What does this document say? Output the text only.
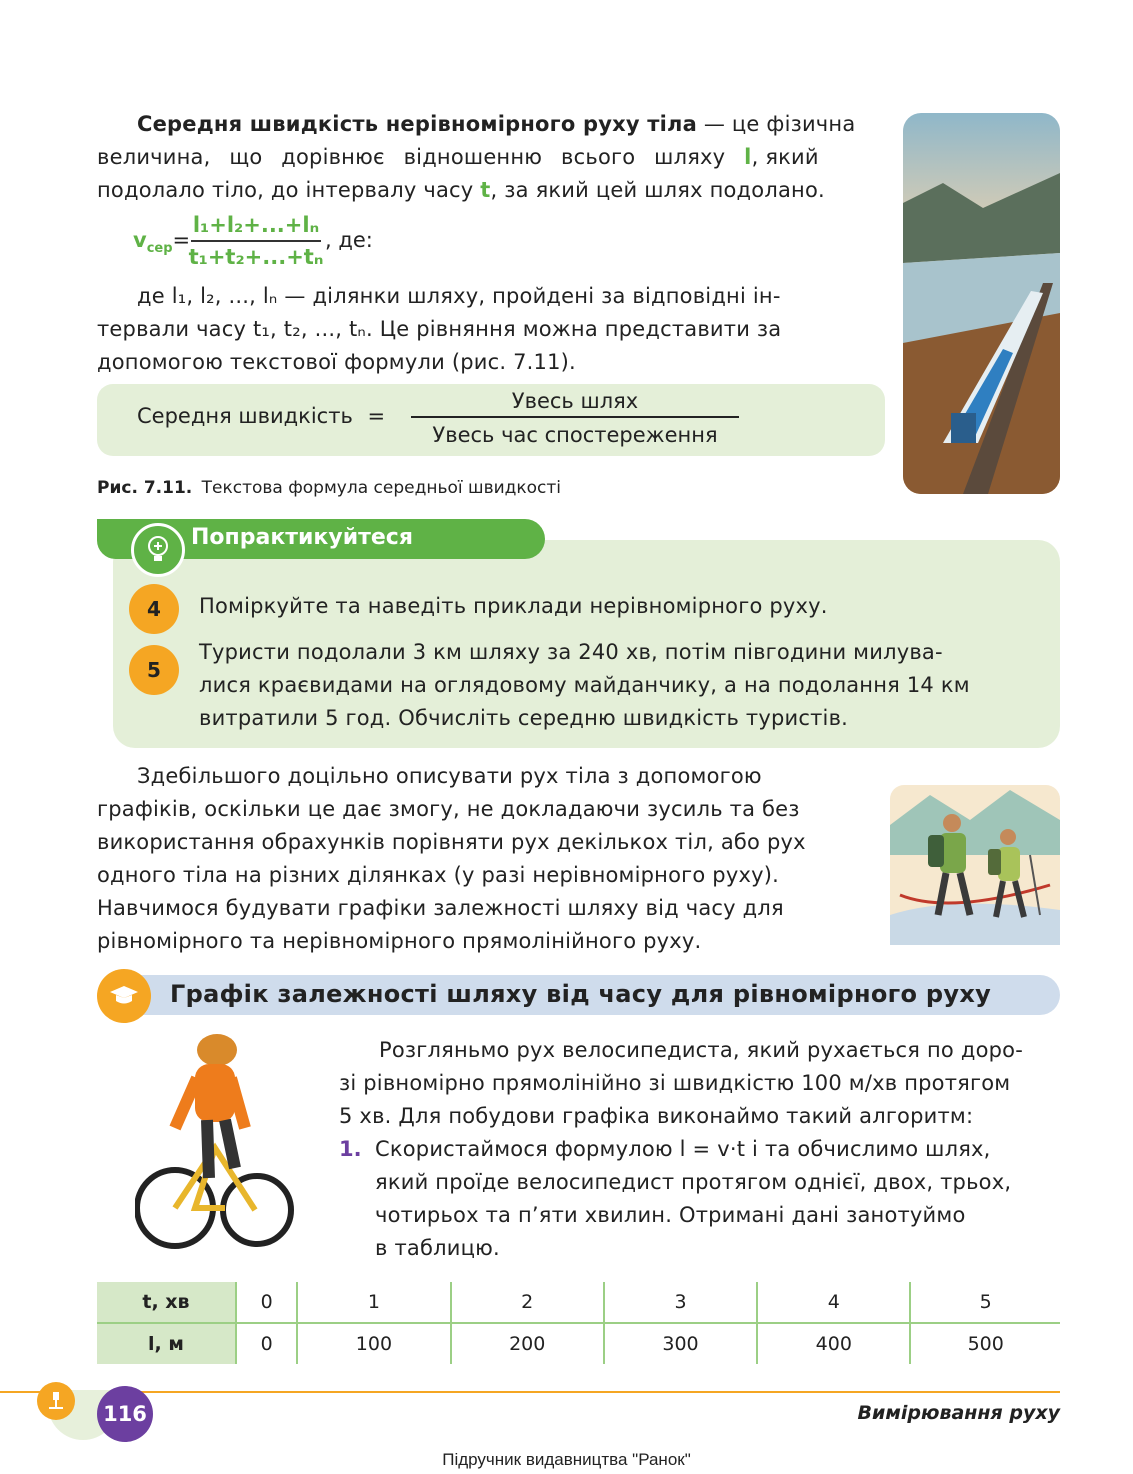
Середня швидкість нерівномірного руху тіла — це фізична
величина, що дорівнює відношенню всього шляху l, який
подолало тіло, до інтервалу часу t, за який цей шлях подолано.
$v_{сер}=$
l₁+l₂+...+lₙ
t₁+t₂+...+tₙ
, де:
де l₁, l₂, ..., lₙ — ділянки шляху, пройдені за відповідні ін-
тервали часу t₁, t₂, ..., tₙ. Це рівняння можна представити за
допомогою текстової формули (рис. 7.11).
Середня швидкість =
Увесь шлях
Увесь час спостереження
Рис. 7.11. Текстова формула середньої швидкості
Попрактикуйтеся
4	Поміркуйте та наведіть приклади нерівномірного руху.
5
Туристи подолали 3 км шляху за 240 хв, потім півгодини милува-
лися краєвидами на оглядовому майданчику, а на подолання 14 км
витратили 5 год. Обчисліть середню швидкість туристів.
Здебільшого доцільно описувати рух тіла з допомогою
графіків, оскільки це дає змогу, не докладаючи зусиль та без
використання обрахунків порівняти рух декількох тіл, або рух
одного тіла на різних ділянках (у разі нерівномірного руху).
Навчимося будувати графіки залежності шляху від часу для
рівномірного та нерівномірного прямолінійного руху.
Графік залежності шляху від часу для рівномірного руху
Розгляньмо рух велосипедиста, який рухається по доро-
зі рівномірно прямолінійно зі швидкістю 100 м/хв протягом
5 хв. Для побудови графіка виконаймо такий алгоритм:
1. Скористаймося формулою l = v·t і та обчислимо шлях,
який проїде велосипедист протягом однієї, двох, трьох,
чотирьох та п’яти хвилин. Отримані дані занотуймо
в таблицю.
t, хв	0	1	2	3	4	5
l, м	0	100	200	300	400	500
116	Вимірювання руху
Підручник видавництва "Ранок"
